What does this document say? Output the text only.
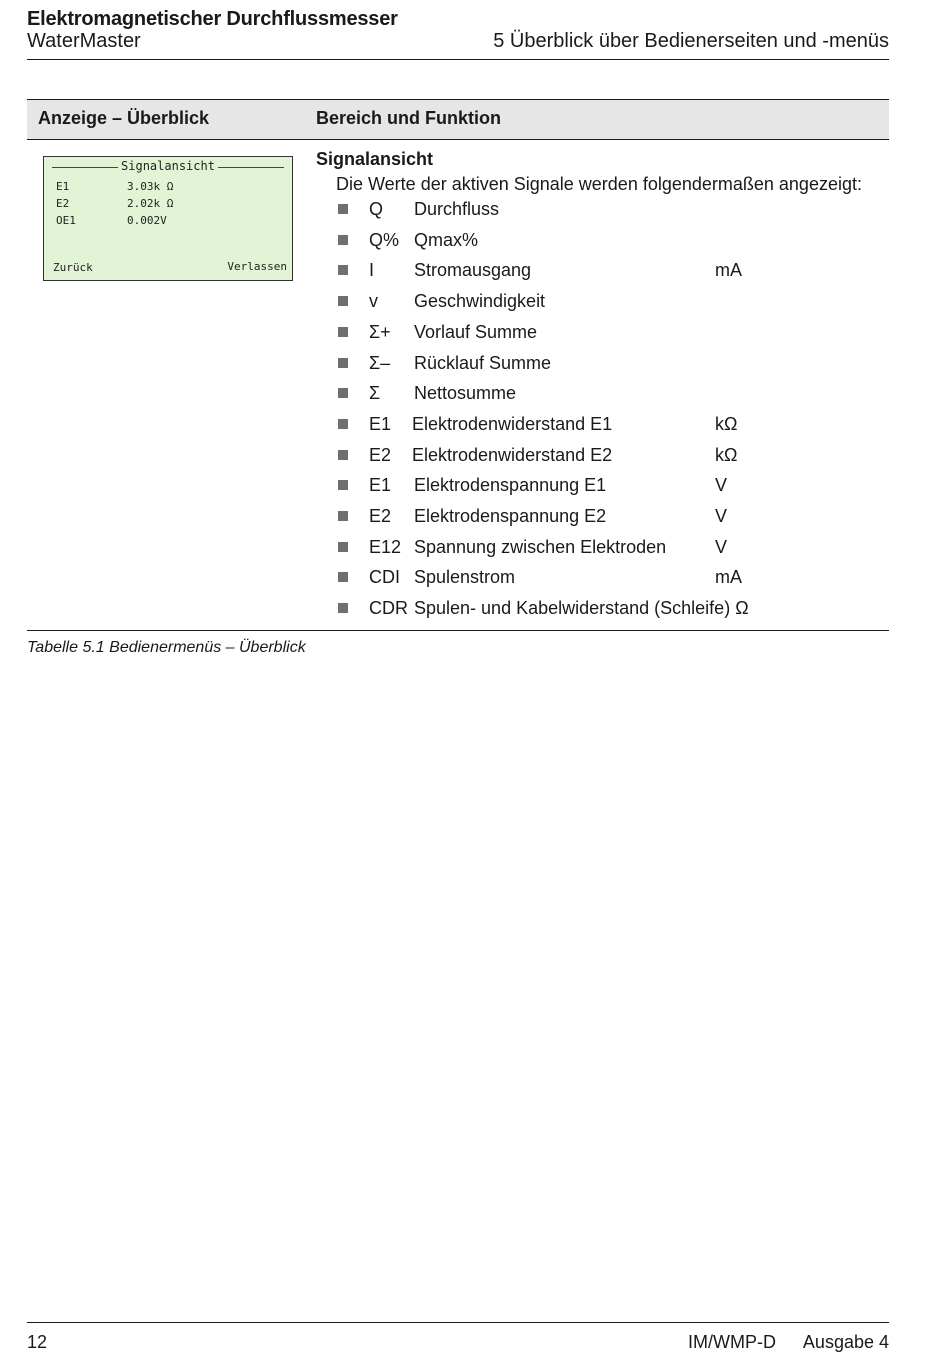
Elektromagnetischer Durchflussmesser
WaterMaster	5 Überblick über Bedienerseiten und -menüs
Anzeige – Überblick	Bereich und Funktion
Signalansicht
E1	3.03k Ω
E2	2.02k Ω
OE1	0.002V
Zurück	Verlassen
Signalansicht
Die Werte der aktiven Signale werden folgendermaßen angezeigt:
Q Durchfluss
Q% Qmax%
I Stromausgang	mA
v Geschwindigkeit
Σ+ Vorlauf Summe
Σ– Rücklauf Summe
Σ Nettosumme
E1 Elektrodenwiderstand E1	kΩ
E2 Elektrodenwiderstand E2	kΩ
E1 Elektrodenspannung E1	V
E2 Elektrodenspannung E2	V
E12 Spannung zwischen Elektroden	V
CDI Spulenstrom	mA
CDR Spulen- und Kabelwiderstand (Schleife) Ω
Tabelle 5.1 Bedienermenüs – Überblick
12	IM/WMP-D Ausgabe 4
